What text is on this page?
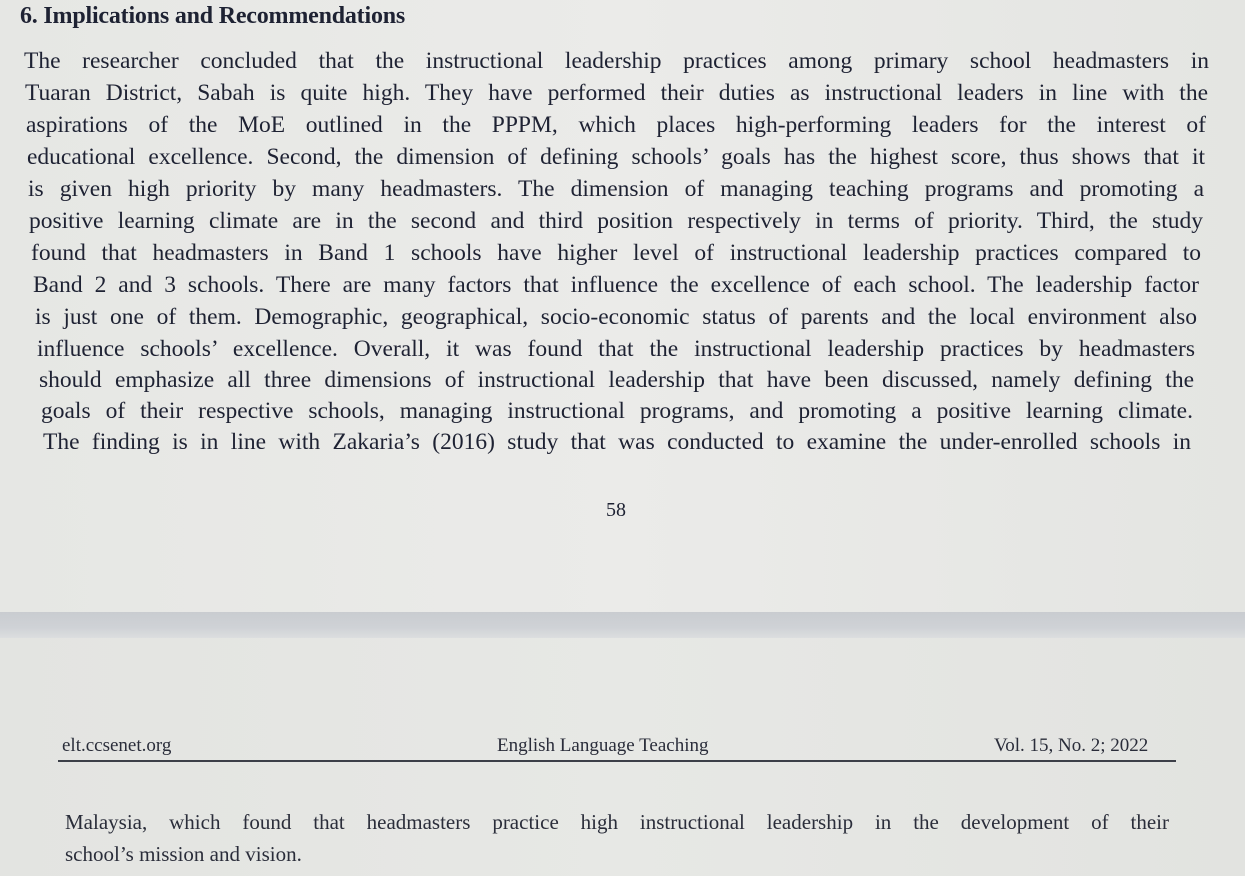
6. Implications and Recommendations
The researcher concluded that the instructional leadership practices among primary school headmasters in
Tuaran District, Sabah is quite high. They have performed their duties as instructional leaders in line with the
aspirations of the MoE outlined in the PPPM, which places high-performing leaders for the interest of
educational excellence. Second, the dimension of defining schools’ goals has the highest score, thus shows that it
is given high priority by many headmasters. The dimension of managing teaching programs and promoting a
positive learning climate are in the second and third position respectively in terms of priority. Third, the study
found that headmasters in Band 1 schools have higher level of instructional leadership practices compared to
Band 2 and 3 schools. There are many factors that influence the excellence of each school. The leadership factor
is just one of them. Demographic, geographical, socio-economic status of parents and the local environment also
influence schools’ excellence. Overall, it was found that the instructional leadership practices by headmasters
should emphasize all three dimensions of instructional leadership that have been discussed, namely defining the
goals of their respective schools, managing instructional programs, and promoting a positive learning climate.
The finding is in line with Zakaria’s (2016) study that was conducted to examine the under-enrolled schools in
58
elt.ccsenet.org	English Language Teaching	Vol. 15, No. 2; 2022
Malaysia, which found that headmasters practice high instructional leadership in the development of their
school’s mission and vision.
